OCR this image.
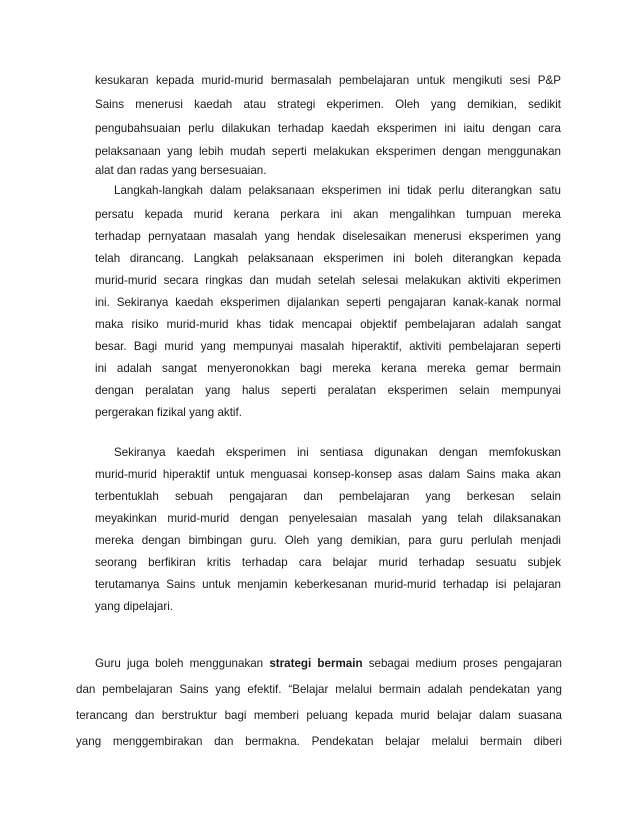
kesukaran kepada murid-murid bermasalah pembelajaran untuk mengikuti sesi P&P
Sains menerusi kaedah atau strategi ekperimen. Oleh yang demikian, sedikit
pengubahsuaian perlu dilakukan terhadap kaedah eksperimen ini iaitu dengan cara
pelaksanaan yang lebih mudah seperti melakukan eksperimen dengan menggunakan
alat dan radas yang bersesuaian.
Langkah-langkah dalam pelaksanaan eksperimen ini tidak perlu diterangkan satu
persatu kepada murid kerana perkara ini akan mengalihkan tumpuan mereka
terhadap pernyataan masalah yang hendak diselesaikan menerusi eksperimen yang
telah dirancang. Langkah pelaksanaan eksperimen ini boleh diterangkan kepada
murid-murid secara ringkas dan mudah setelah selesai melakukan aktiviti ekperimen
ini. Sekiranya kaedah eksperimen dijalankan seperti pengajaran kanak-kanak normal
maka risiko murid-murid khas tidak mencapai objektif pembelajaran adalah sangat
besar. Bagi murid yang mempunyai masalah hiperaktif, aktiviti pembelajaran seperti
ini adalah sangat menyeronokkan bagi mereka kerana mereka gemar bermain
dengan peralatan yang halus seperti peralatan eksperimen selain mempunyai
pergerakan fizikal yang aktif.
Sekiranya kaedah eksperimen ini sentiasa digunakan dengan memfokuskan
murid-murid hiperaktif untuk menguasai konsep-konsep asas dalam Sains maka akan
terbentuklah sebuah pengajaran dan pembelajaran yang berkesan selain
meyakinkan murid-murid dengan penyelesaian masalah yang telah dilaksanakan
mereka dengan bimbingan guru. Oleh yang demikian, para guru perlulah menjadi
seorang berfikiran kritis terhadap cara belajar murid terhadap sesuatu subjek
terutamanya Sains untuk menjamin keberkesanan murid-murid terhadap isi pelajaran
yang dipelajari.
Guru juga boleh menggunakan strategi bermain sebagai medium proses pengajaran
dan pembelajaran Sains yang efektif. “Belajar melalui bermain adalah pendekatan yang
terancang dan berstruktur bagi memberi peluang kepada murid belajar dalam suasana
yang menggembirakan dan bermakna. Pendekatan belajar melalui bermain diberi
